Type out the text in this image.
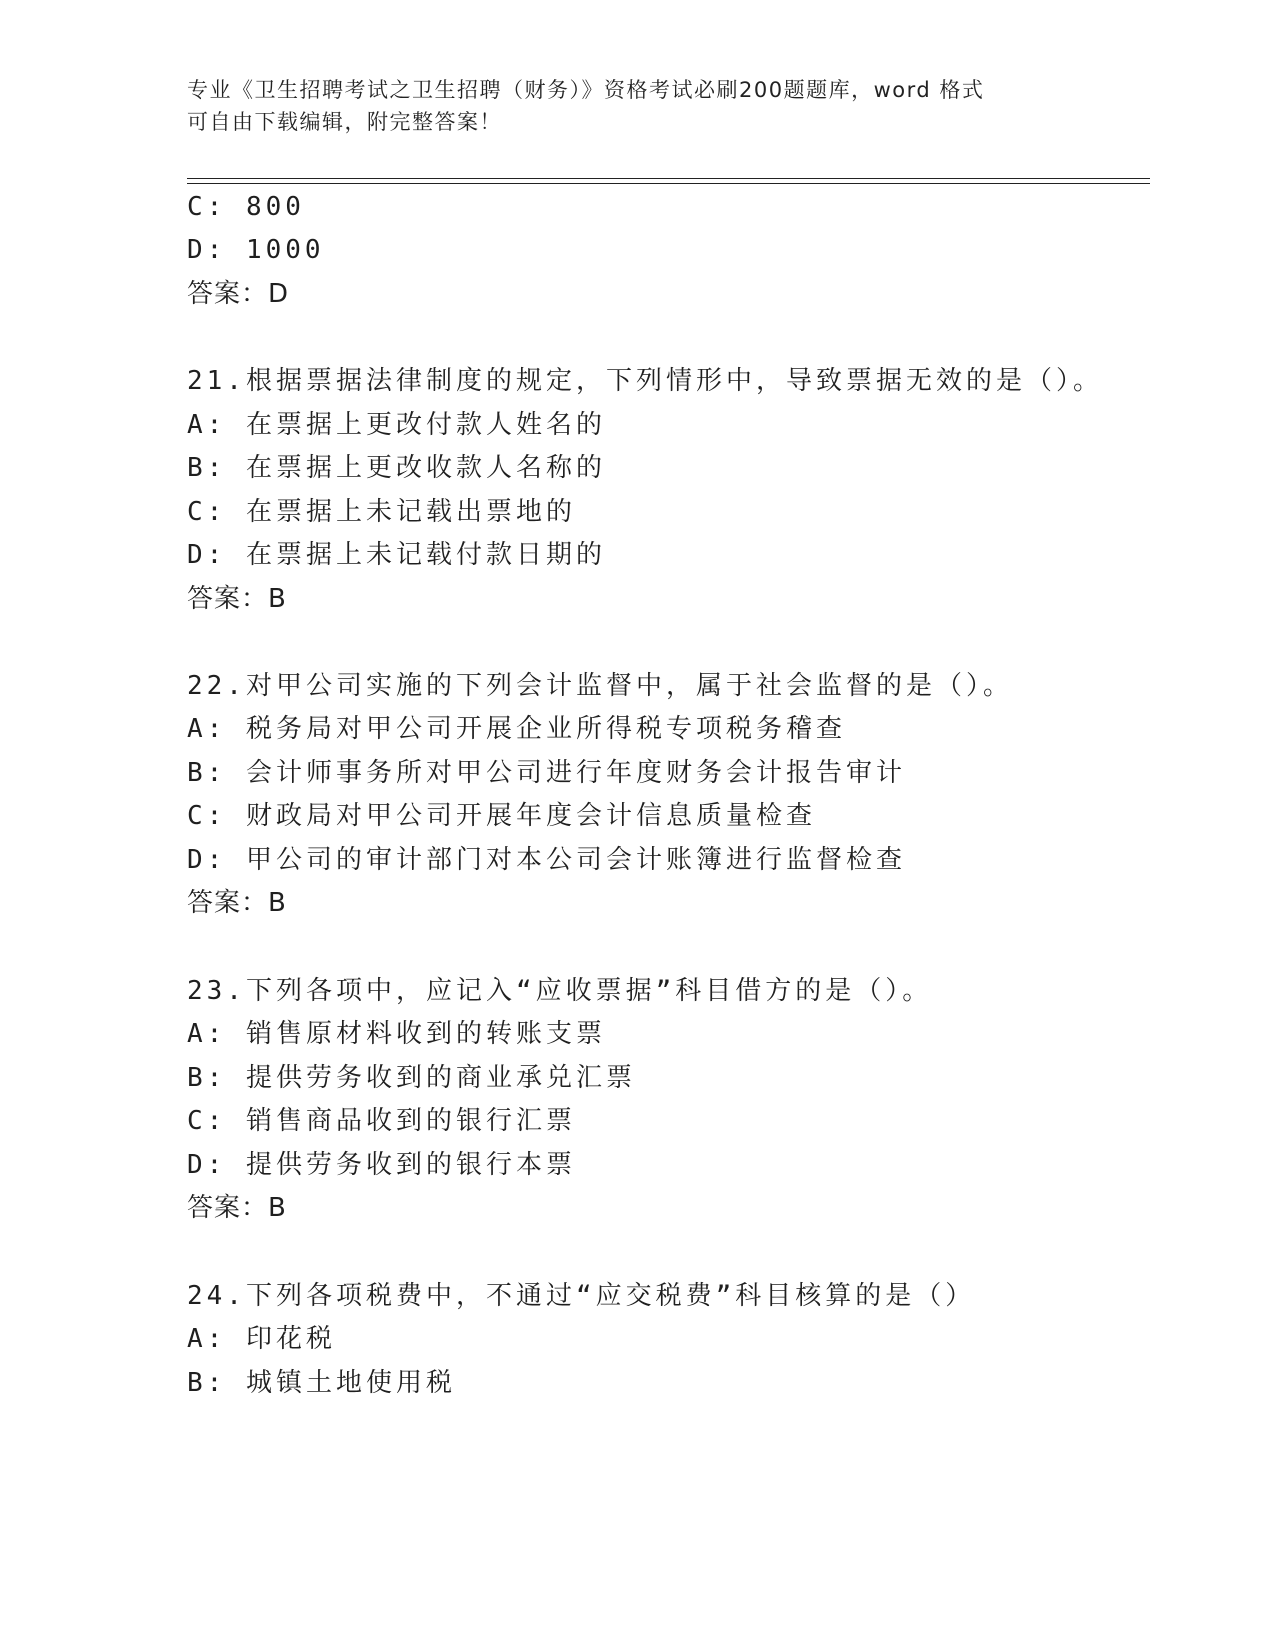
专业《卫生招聘考试之卫生招聘（财务）》资格考试必刷200题题库，word 格式
可自由下载编辑，附完整答案！
C: 800
D: 1000
答案：D
21.根据票据法律制度的规定，下列情形中，导致票据无效的是（）。
A: 在票据上更改付款人姓名的
B: 在票据上更改收款人名称的
C: 在票据上未记载出票地的
D: 在票据上未记载付款日期的
答案：B
22.对甲公司实施的下列会计监督中，属于社会监督的是（）。
A: 税务局对甲公司开展企业所得税专项税务稽查
B: 会计师事务所对甲公司进行年度财务会计报告审计
C: 财政局对甲公司开展年度会计信息质量检查
D: 甲公司的审计部门对本公司会计账簿进行监督检查
答案：B
23.下列各项中，应记入“应收票据”科目借方的是（）。
A: 销售原材料收到的转账支票
B: 提供劳务收到的商业承兑汇票
C: 销售商品收到的银行汇票
D: 提供劳务收到的银行本票
答案：B
24.下列各项税费中，不通过“应交税费”科目核算的是（）
A: 印花税
B: 城镇土地使用税
